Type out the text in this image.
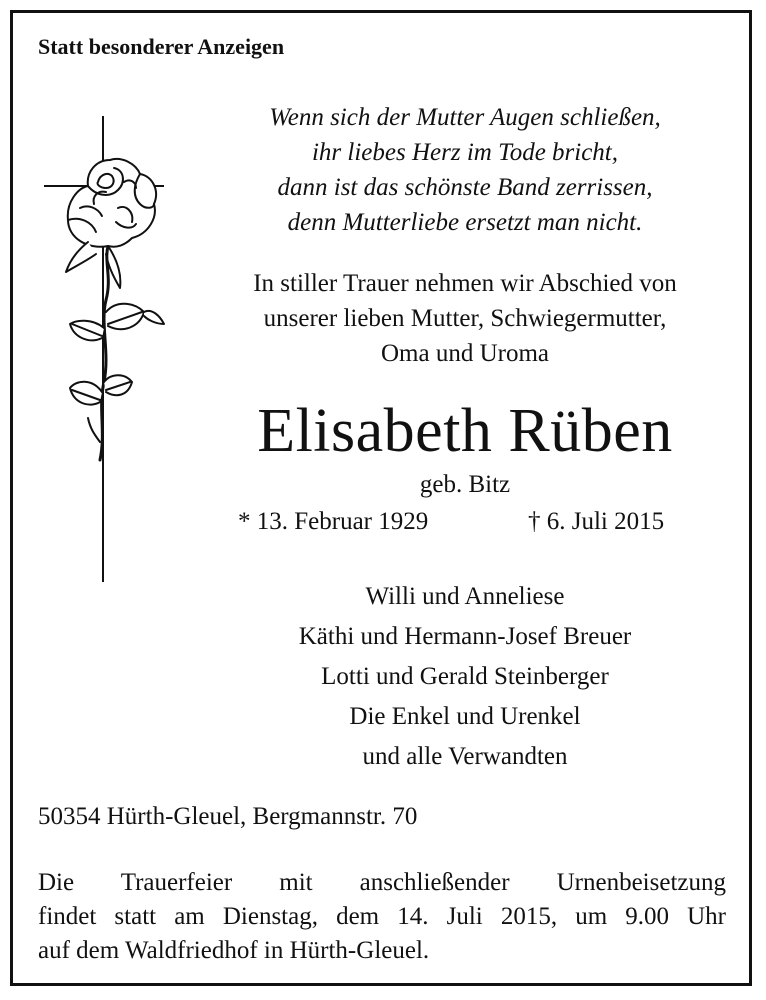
Statt besonderer Anzeigen
Wenn sich der Mutter Augen schließen,
ihr liebes Herz im Tode bricht,
dann ist das schönste Band zerrissen,
denn Mutterliebe ersetzt man nicht.
In stiller Trauer nehmen wir Abschied von
unserer lieben Mutter, Schwiegermutter,
Oma und Uroma
Elisabeth Rüben
geb. Bitz
* 13. Februar 1929	† 6. Juli 2015
Willi und Anneliese
Käthi und Hermann-Josef Breuer
Lotti und Gerald Steinberger
Die Enkel und Urenkel
und alle Verwandten
50354 Hürth-Gleuel, Bergmannstr. 70
Die Trauerfeier mit anschließender Urnenbeisetzung
findet statt am Dienstag, dem 14. Juli 2015, um 9.00 Uhr
auf dem Waldfriedhof in Hürth-Gleuel.
